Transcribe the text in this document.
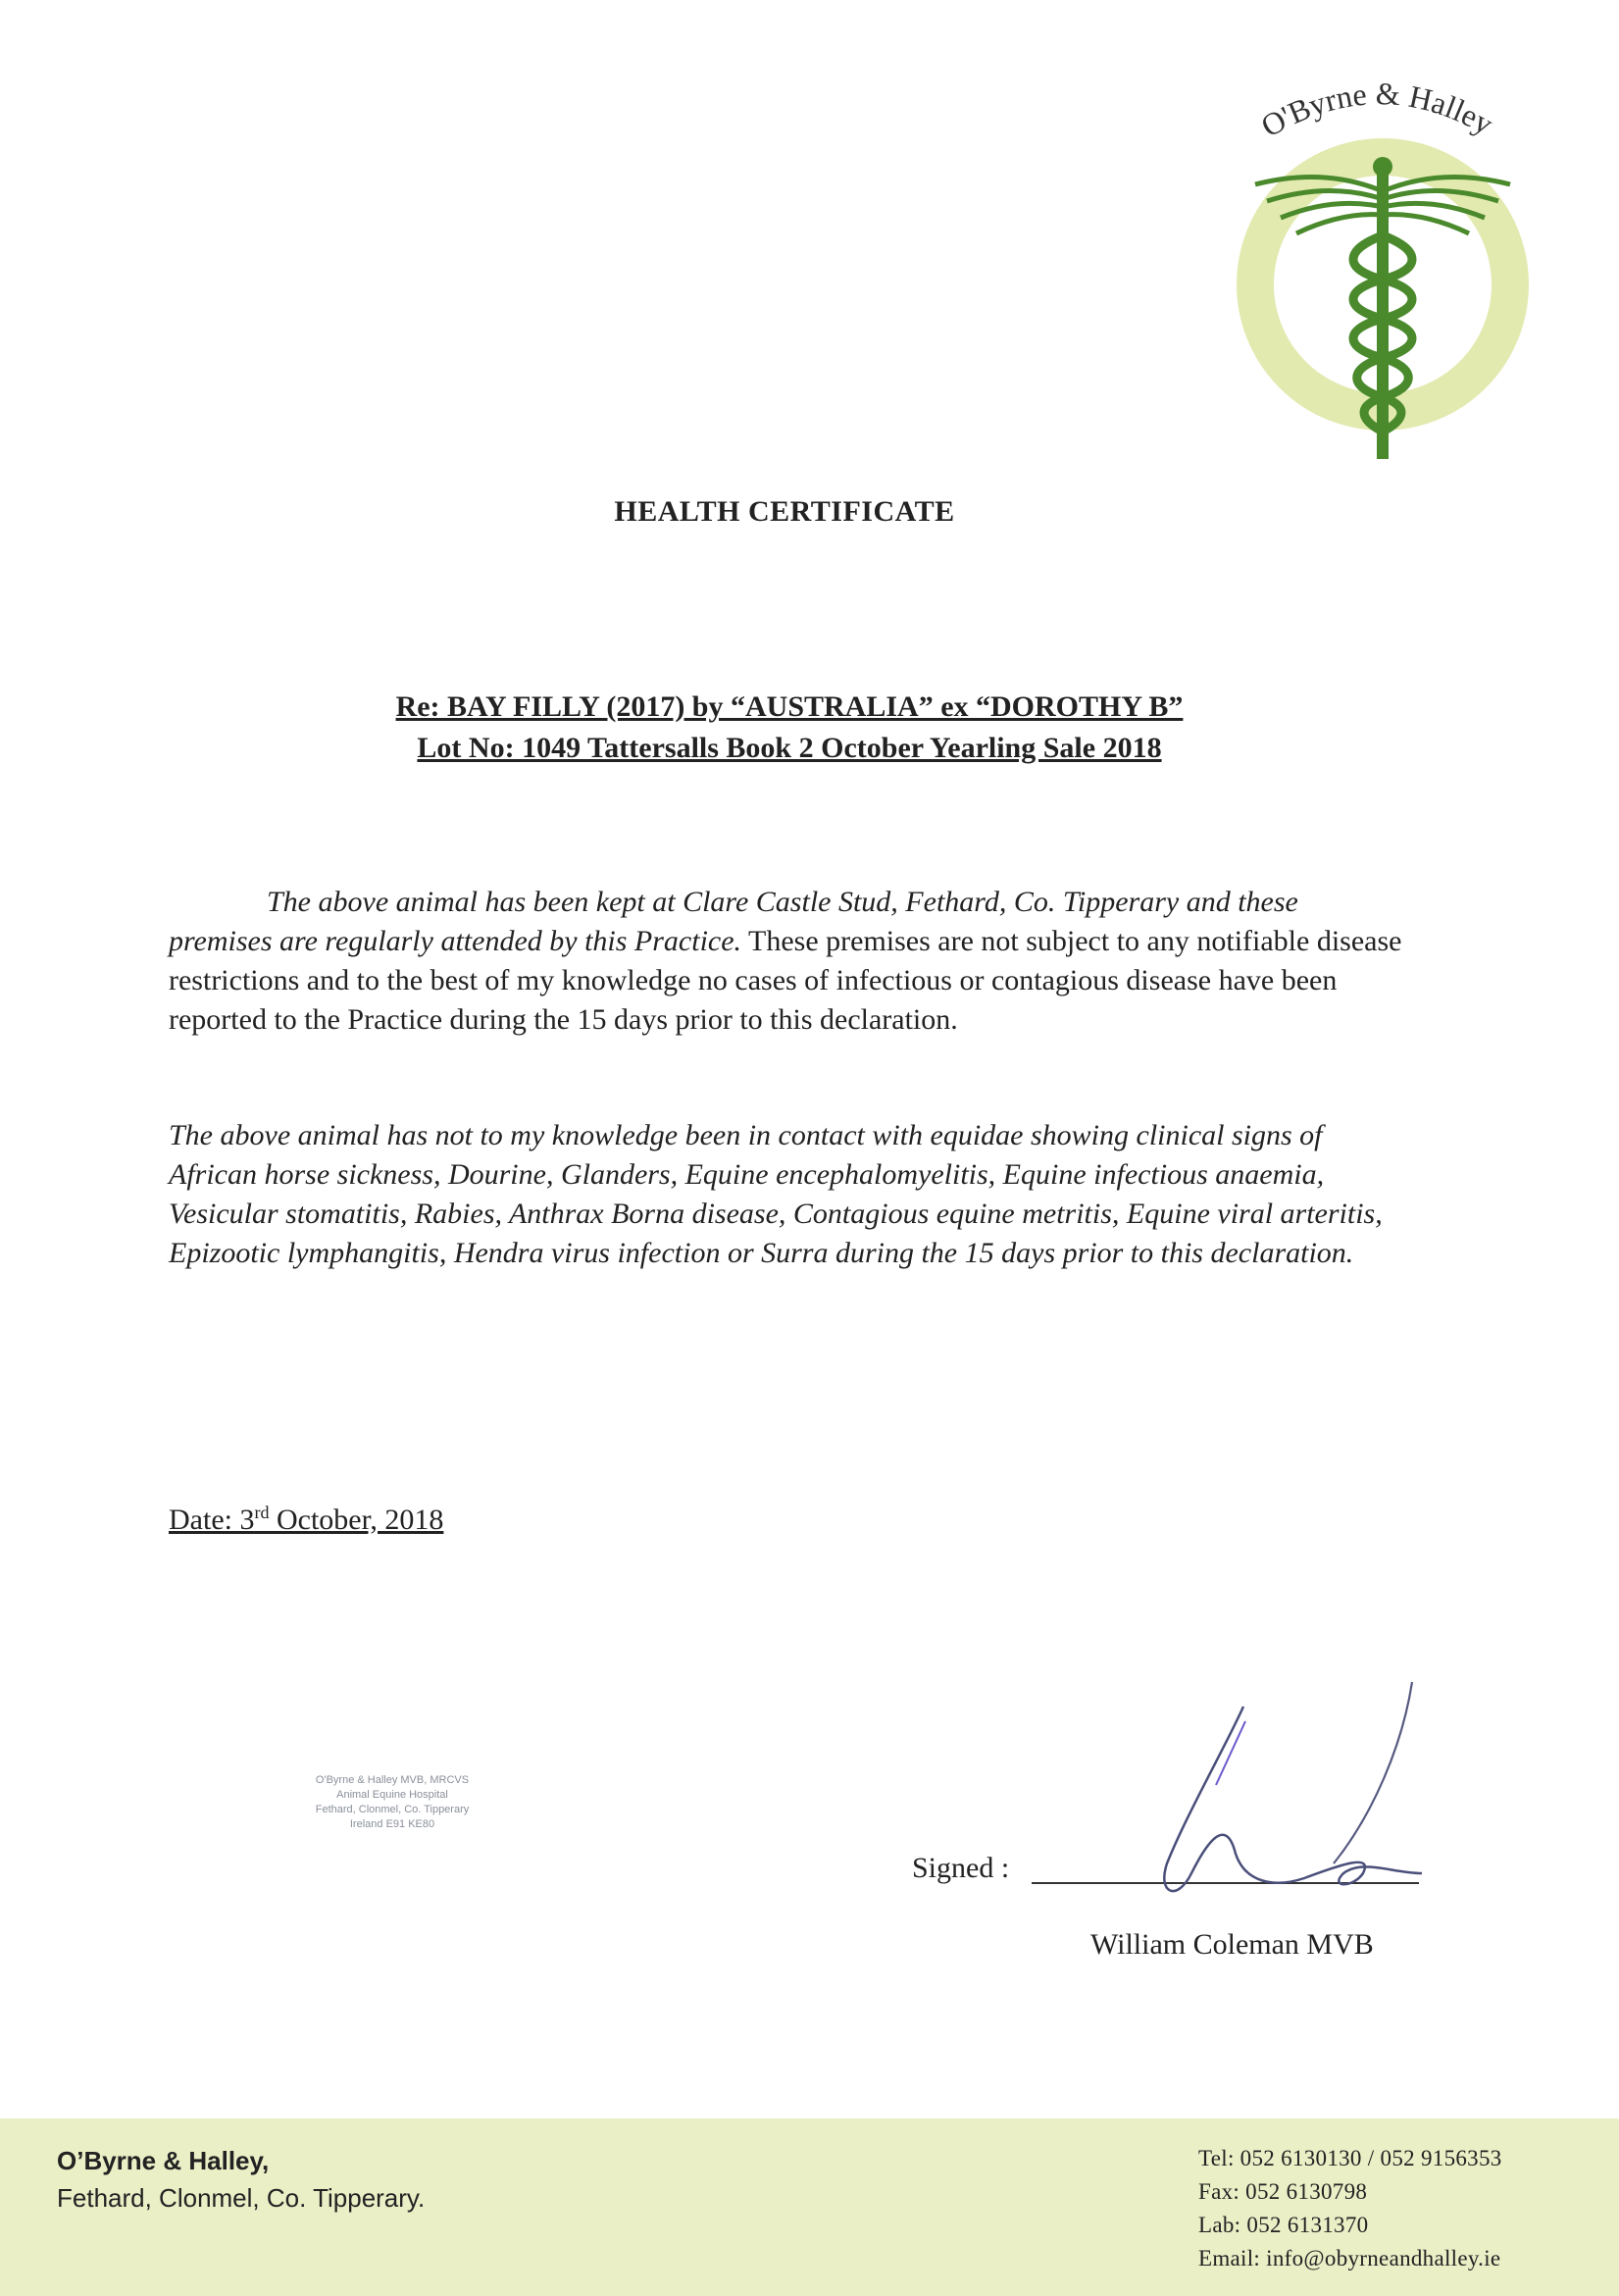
O'Byrne & Halley
HEALTH CERTIFICATE
Re: BAY FILLY (2017) by “AUSTRALIA” ex “DOROTHY B”
Lot No: 1049 Tattersalls Book 2 October Yearling Sale 2018

The above animal has been kept at Clare Castle Stud, Fethard, Co. Tipperary and these premises are regularly attended by this Practice. These premises are not subject to any notifiable disease restrictions and to the best of my knowledge no cases of infectious or contagious disease have been reported to the Practice during the 15 days prior to this declaration.

The above animal has not to my knowledge been in contact with equidae showing clinical signs of African horse sickness, Dourine, Glanders, Equine encephalomyelitis, Equine infectious anaemia, Vesicular stomatitis, Rabies, Anthrax Borna disease, Contagious equine metritis, Equine viral arteritis, Epizootic lymphangitis, Hendra virus infection or Surra during the 15 days prior to this declaration.

Date: 3rd October, 2018
O'Byrne & Halley MVB, MRCVS
Animal Equine Hospital
Fethard, Clonmel, Co. Tipperary
Ireland E91 KE80
Signed :
William Coleman MVB
O’Byrne & Halley,
Fethard, Clonmel, Co. Tipperary.
Tel: 052 6130130 / 052 9156353
Fax: 052 6130798
Lab: 052 6131370
Email: info@obyrneandhalley.ie
